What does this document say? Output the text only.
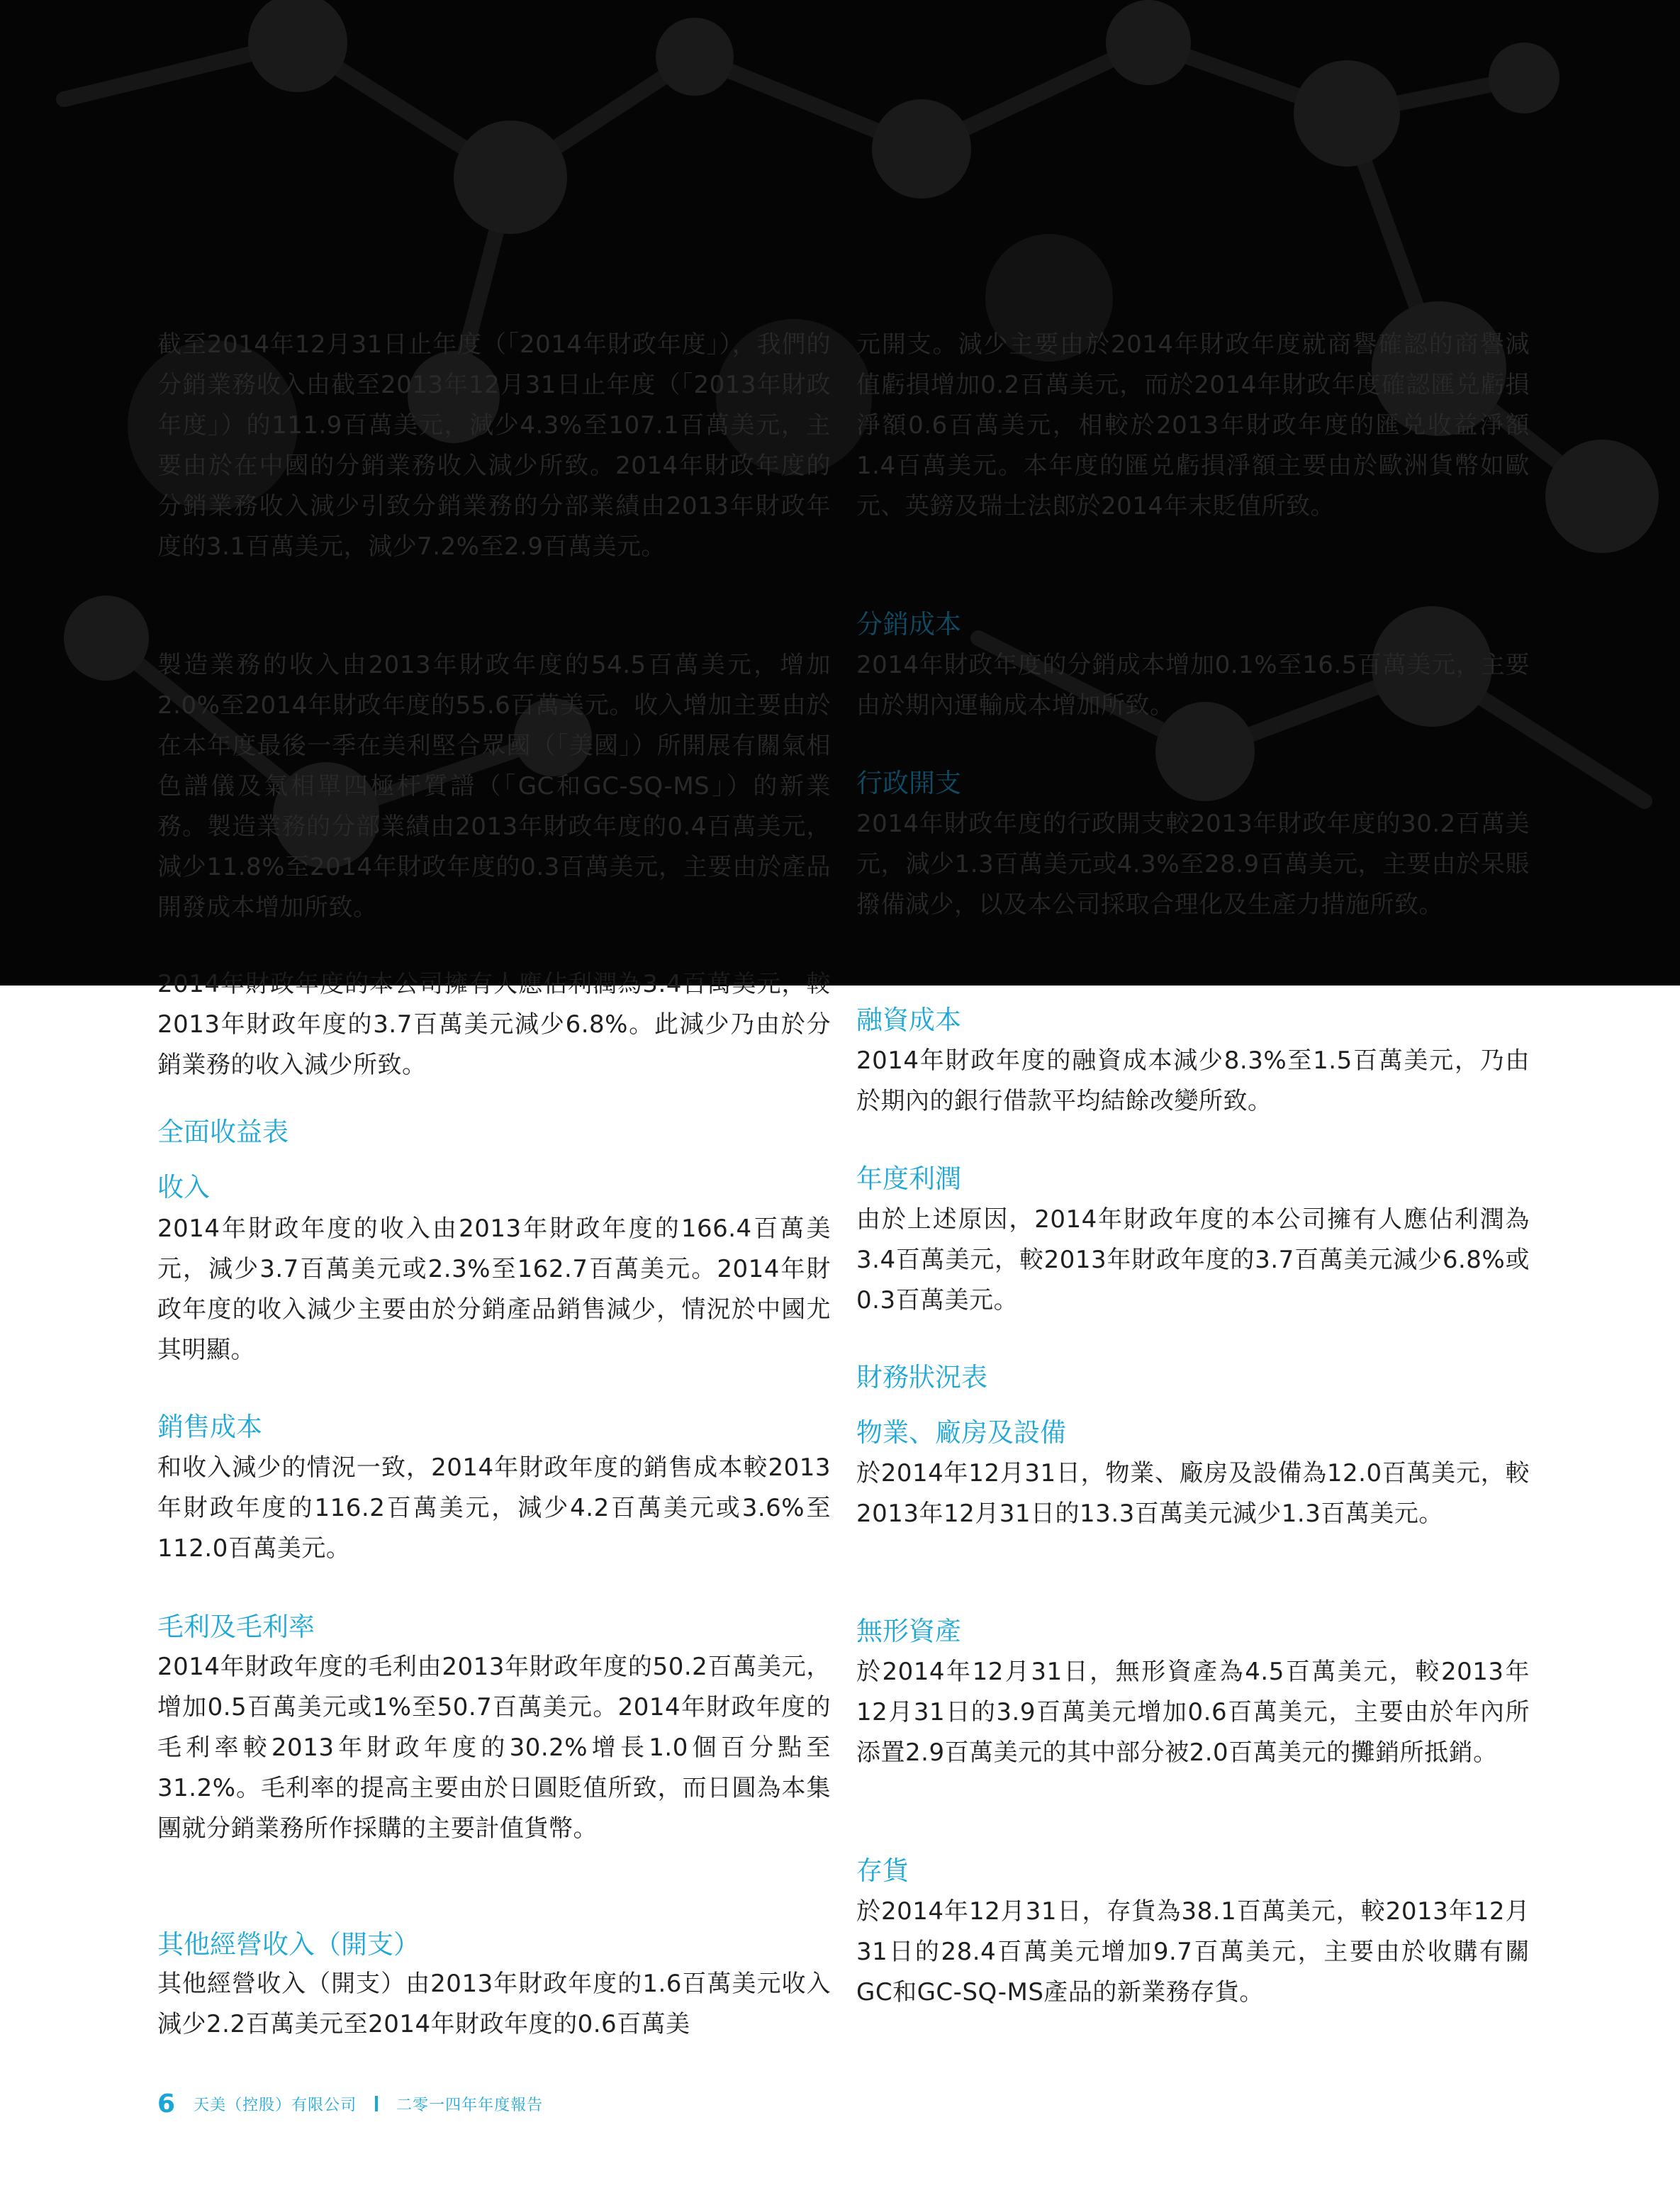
截至2014年12月31日止年度（「2014年財政年度」），我們的分銷業務收入由截至2013年12月31日止年度（「2013年財政年度」）的111.9百萬美元，減少4.3%至107.1百萬美元，主要由於在中國的分銷業務收入減少所致。2014年財政年度的分銷業務收入減少引致分銷業務的分部業績由2013年財政年度的3.1百萬美元，減少7.2%至2.9百萬美元。

製造業務的收入由2013年財政年度的54.5百萬美元，增加2.0%至2014年財政年度的55.6百萬美元。收入增加主要由於在本年度最後一季在美利堅合眾國（「美國」）所開展有關氣相色譜儀及氣相單四極杆質譜（「GC和GC-SQ-MS」）的新業務。製造業務的分部業績由2013年財政年度的0.4百萬美元，減少11.8%至2014年財政年度的0.3百萬美元，主要由於產品開發成本增加所致。

2014年財政年度的本公司擁有人應佔利潤為3.4百萬美元，較2013年財政年度的3.7百萬美元減少6.8%。此減少乃由於分銷業務的收入減少所致。

全面收益表
收入

2014年財政年度的收入由2013年財政年度的166.4百萬美元，減少3.7百萬美元或2.3%至162.7百萬美元。2014年財政年度的收入減少主要由於分銷產品銷售減少，情況於中國尤其明顯。

銷售成本

和收入減少的情況一致，2014年財政年度的銷售成本較2013年財政年度的116.2百萬美元，減少4.2百萬美元或3.6%至112.0百萬美元。

毛利及毛利率

2014年財政年度的毛利由2013年財政年度的50.2百萬美元，增加0.5百萬美元或1%至50.7百萬美元。2014年財政年度的毛利率較2013年財政年度的30.2%增長1.0個百分點至31.2%。毛利率的提高主要由於日圓貶值所致，而日圓為本集團就分銷業務所作採購的主要計值貨幣。

其他經營收入（開支）

其他經營收入（開支）由2013年財政年度的1.6百萬美元收入減少2.2百萬美元至2014年財政年度的0.6百萬美

元開支。減少主要由於2014年財政年度就商譽確認的商譽減值虧損增加0.2百萬美元，而於2014年財政年度確認匯兑虧損淨額0.6百萬美元，相較於2013年財政年度的匯兑收益淨額1.4百萬美元。本年度的匯兑虧損淨額主要由於歐洲貨幣如歐元、英鎊及瑞士法郎於2014年末貶值所致。

分銷成本

2014年財政年度的分銷成本增加0.1%至16.5百萬美元，主要由於期內運輸成本增加所致。

行政開支

2014年財政年度的行政開支較2013年財政年度的30.2百萬美元，減少1.3百萬美元或4.3%至28.9百萬美元，主要由於呆賬撥備減少，以及本公司採取合理化及生產力措施所致。

融資成本

2014年財政年度的融資成本減少8.3%至1.5百萬美元，乃由於期內的銀行借款平均結餘改變所致。

年度利潤

由於上述原因，2014年財政年度的本公司擁有人應佔利潤為3.4百萬美元，較2013年財政年度的3.7百萬美元減少6.8%或0.3百萬美元。

財務狀況表
物業、廠房及設備

於2014年12月31日，物業、廠房及設備為12.0百萬美元，較2013年12月31日的13.3百萬美元減少1.3百萬美元。

無形資產

於2014年12月31日，無形資產為4.5百萬美元，較2013年12月31日的3.9百萬美元增加0.6百萬美元，主要由於年內所添置2.9百萬美元的其中部分被2.0百萬美元的攤銷所抵銷。

存貨

於2014年12月31日，存貨為38.1百萬美元，較2013年12月31日的28.4百萬美元增加9.7百萬美元，主要由於收購有關GC和GC-SQ-MS產品的新業務存貨。

6 天美（控股）有限公司	二零一四年年度報告
